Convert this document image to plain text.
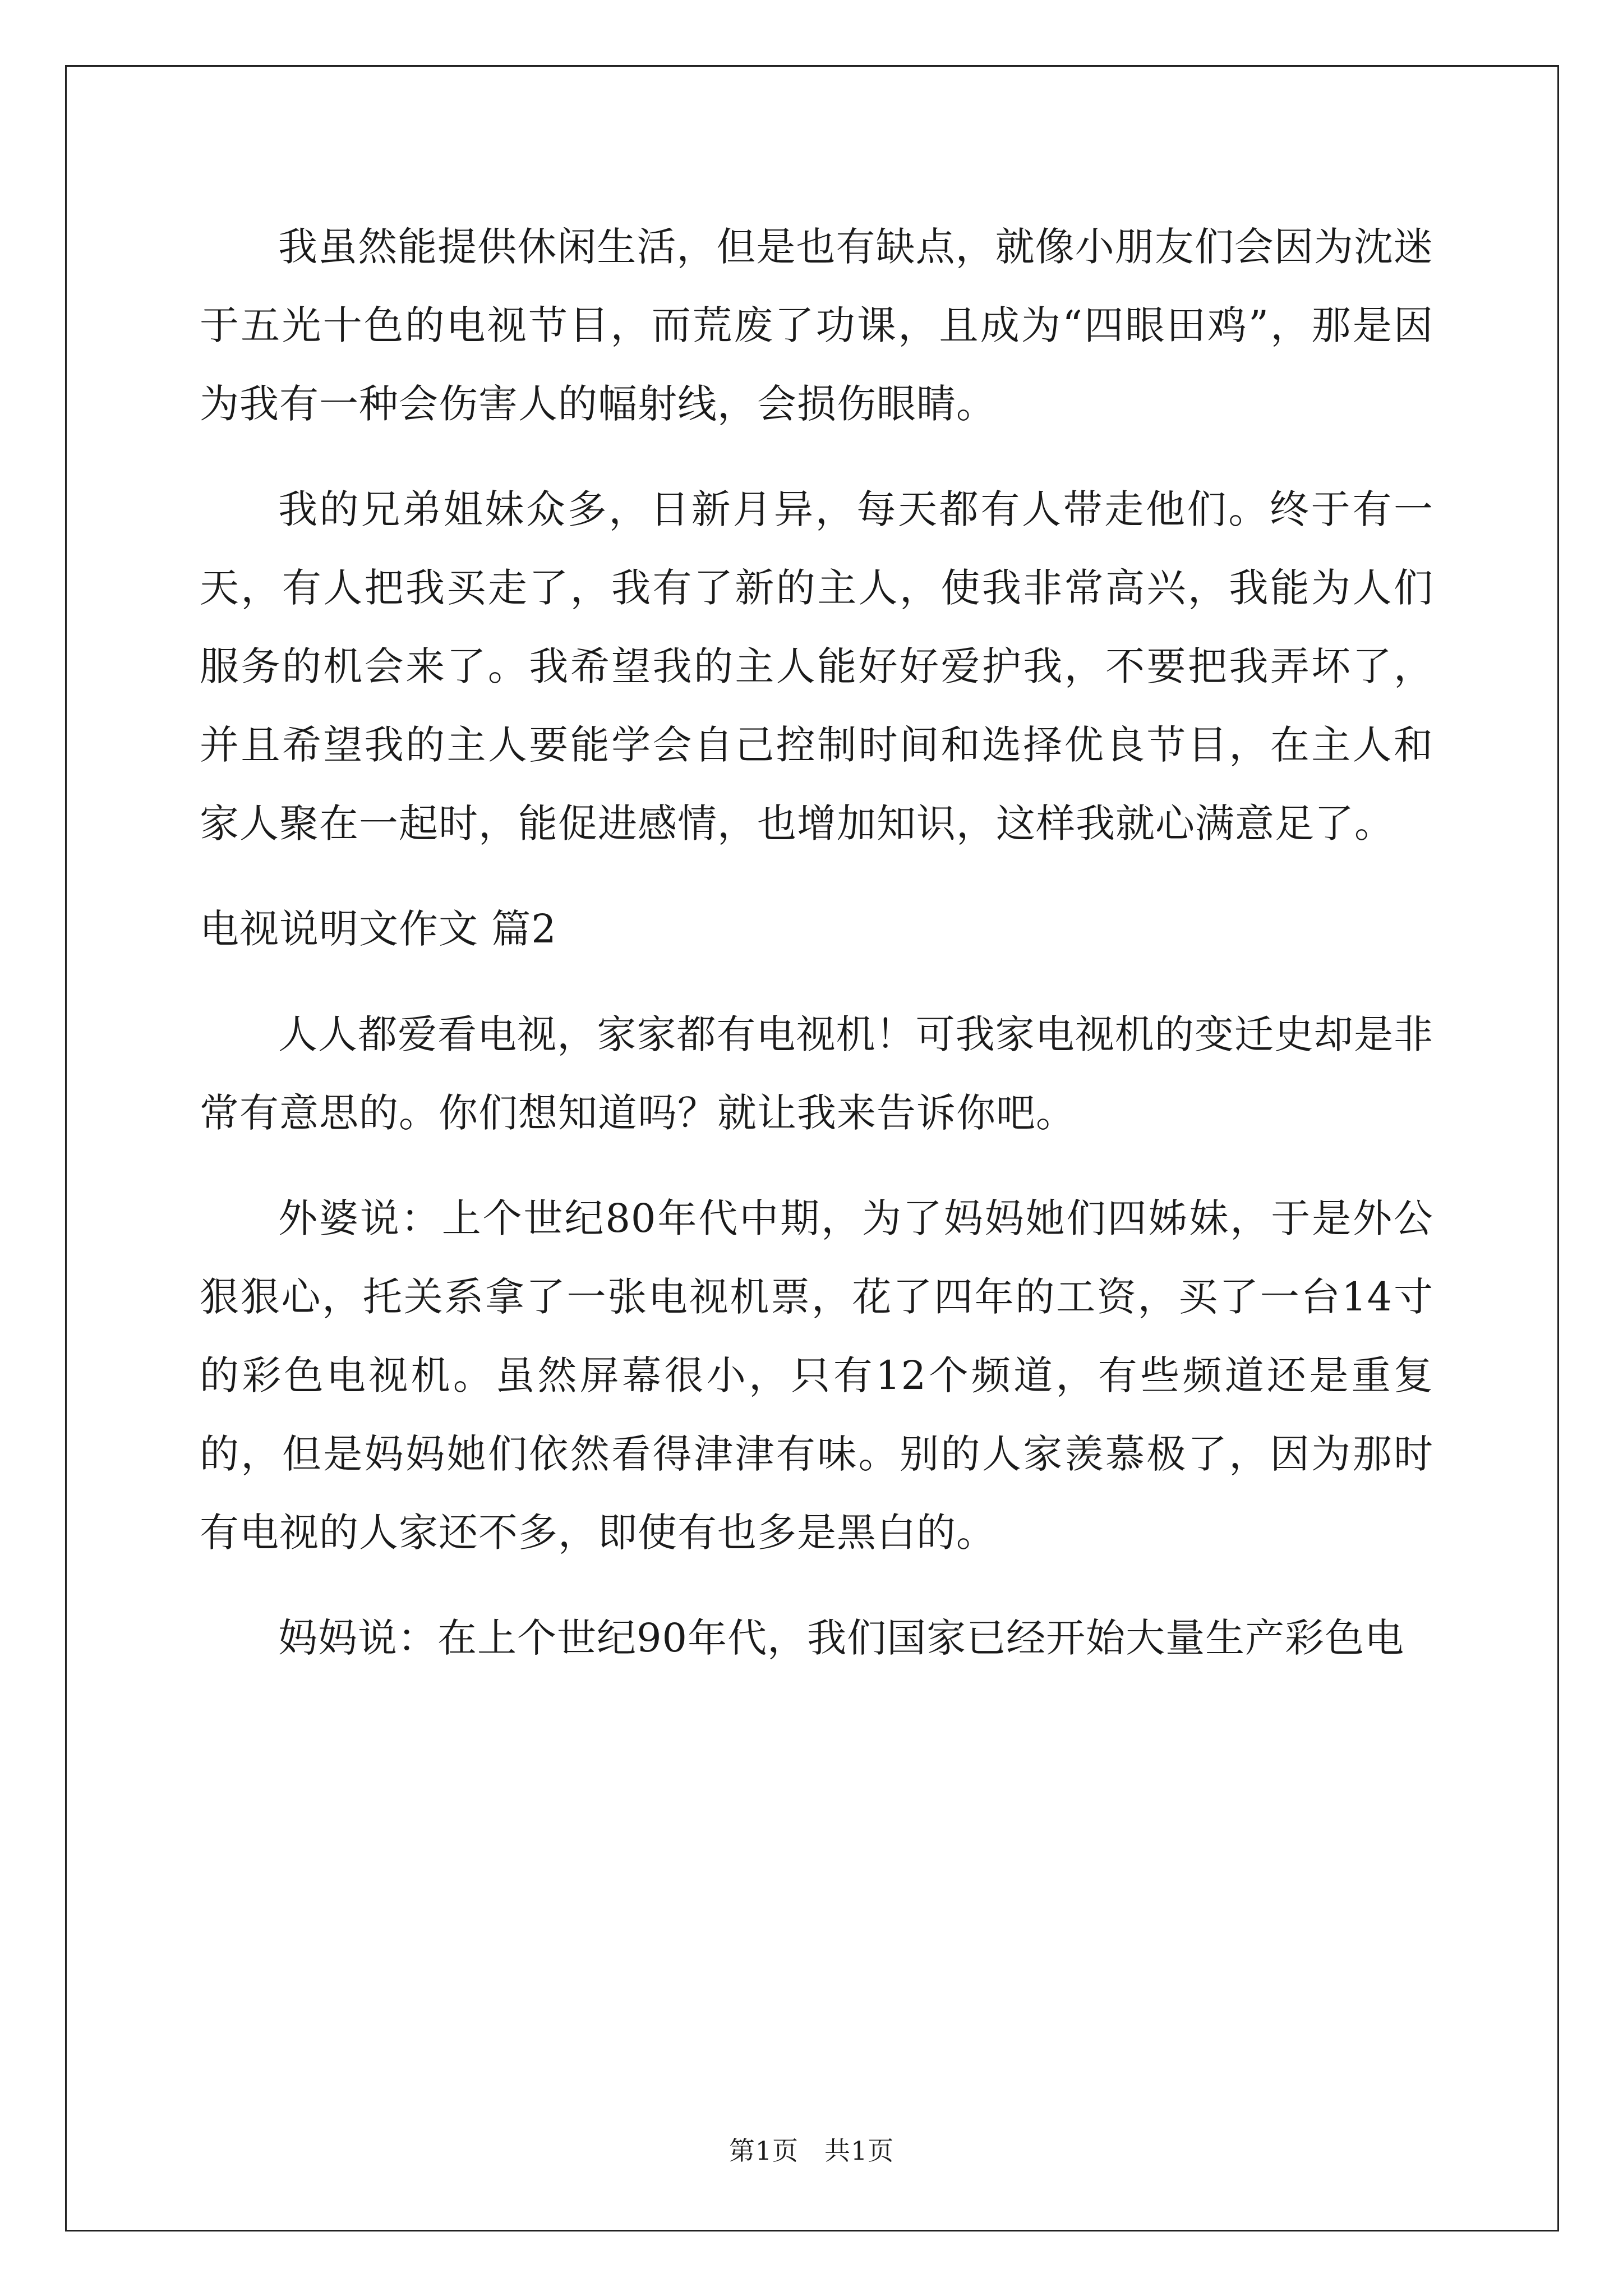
我虽然能提供休闲生活，但是也有缺点，就像小朋友们会因为沈迷于五光十色的电视节目，而荒废了功课，且成为“四眼田鸡”，那是因为我有一种会伤害人的幅射线，会损伤眼睛。

我的兄弟姐妹众多，日新月异，每天都有人带走他们。终于有一天，有人把我买走了，我有了新的主人，使我非常高兴，我能为人们服务的机会来了。我希望我的主人能好好爱护我，不要把我弄坏了，并且希望我的主人要能学会自己控制时间和选择优良节目，在主人和家人聚在一起时，能促进感情，也增加知识，这样我就心满意足了。

电视说明文作文 篇2

人人都爱看电视，家家都有电视机！可我家电视机的变迁史却是非常有意思的。你们想知道吗？就让我来告诉你吧。

外婆说：上个世纪80年代中期，为了妈妈她们四姊妹，于是外公狠狠心，托关系拿了一张电视机票，花了四年的工资，买了一台14寸的彩色电视机。虽然屏幕很小，只有12个频道，有些频道还是重复的，但是妈妈她们依然看得津津有味。别的人家羡慕极了，因为那时有电视的人家还不多，即使有也多是黑白的。

妈妈说：在上个世纪90年代，我们国家已经开始大量生产彩色电

第1页 共1页
